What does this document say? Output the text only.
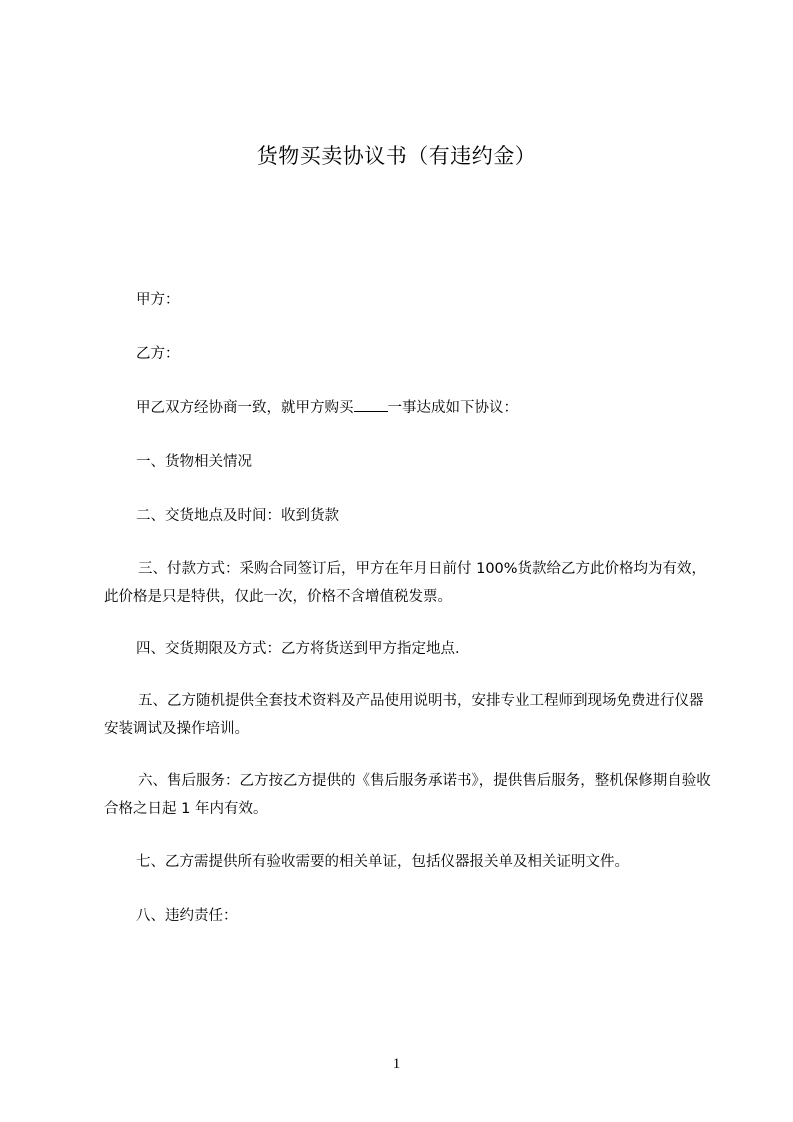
货物买卖协议书（有违约金）
甲方：
乙方：
甲乙双方经协商一致，就甲方购买 一事达成如下协议：
一、货物相关情况
二、交货地点及时间：收到货款
三、付款方式：采购合同签订后，甲方在年月日前付 100%货款给乙方此价格均为有效，此价格是只是特供，仅此一次，价格不含增值税发票。
四、交货期限及方式：乙方将货送到甲方指定地点.
五、乙方随机提供全套技术资料及产品使用说明书，安排专业工程师到现场免费进行仪器安装调试及操作培训。
六、售后服务：乙方按乙方提供的《售后服务承诺书》，提供售后服务，整机保修期自验收合格之日起 1 年内有效。
七、乙方需提供所有验收需要的相关单证，包括仪器报关单及相关证明文件。
八、违约责任：
1
